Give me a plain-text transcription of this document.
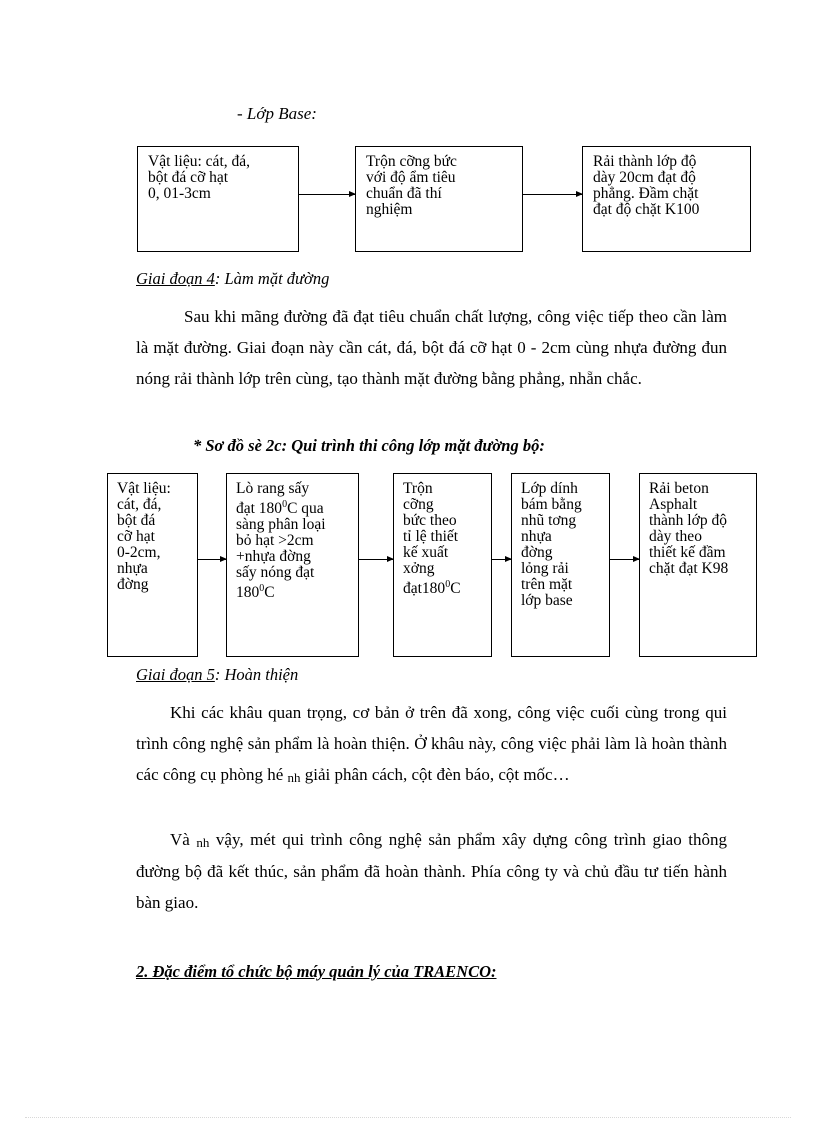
- Lớp Base:
Vật liệu: cát, đá,
bột đá cỡ hạt
0, 01-3cm
Trộn cỡng bức
với độ ẩm tiêu
chuẩn đã thí
nghiệm
Rải thành lớp độ
dày 20cm đạt độ
phẳng. Đầm chặt
đạt độ chặt K100
Giai đoạn 4: Làm mặt đường
Sau khi mãng đường đã đạt tiêu chuẩn chất lượng, công việc tiếp theo cần làm là mặt đường. Giai đoạn này cần cát, đá, bột đá cỡ hạt 0 - 2cm cùng nhựa đường đun nóng rải thành lớp trên cùng, tạo thành mặt đường bằng phẳng, nhẵn chắc.
* Sơ đồ sè 2c: Qui trình thi công lớp mặt đường bộ:
Vật liệu:
cát, đá,
bột đá
cỡ hạt
0-2cm,
nhựa
đờng
Lò rang sấy
đạt $180^0C$ qua
sàng phân loại
bỏ hạt >2cm
+nhựa đờng
sấy nóng đạt
$180^0C$
Trộn
cỡng
bức theo
tỉ lệ thiết
kế xuất
xởng
$đạt180^0C$
Lớp dính
bám bằng
nhũ tơng
nhựa
đờng
lỏng rải
trên mặt
lớp base
Rải beton
Asphalt
thành lớp độ
dày theo
thiết kế đầm
chặt đạt K98
Giai đoạn 5: Hoàn thiện
Khi các khâu quan trọng, cơ bản ở trên đã xong, công việc cuối cùng trong qui trình công nghệ sản phẩm là hoàn thiện. Ở khâu này, công việc phải làm là hoàn thành các công cụ phòng hé nh giải phân cách, cột đèn báo, cột mốc…
Và nh vậy, mét qui trình công nghệ sản phẩm xây dựng công trình giao thông đường bộ đã kết thúc, sản phẩm đã hoàn thành. Phía công ty và chủ đầu tư tiến hành bàn giao.
2. Đặc điểm tổ chức bộ máy quản lý của TRAENCO:
